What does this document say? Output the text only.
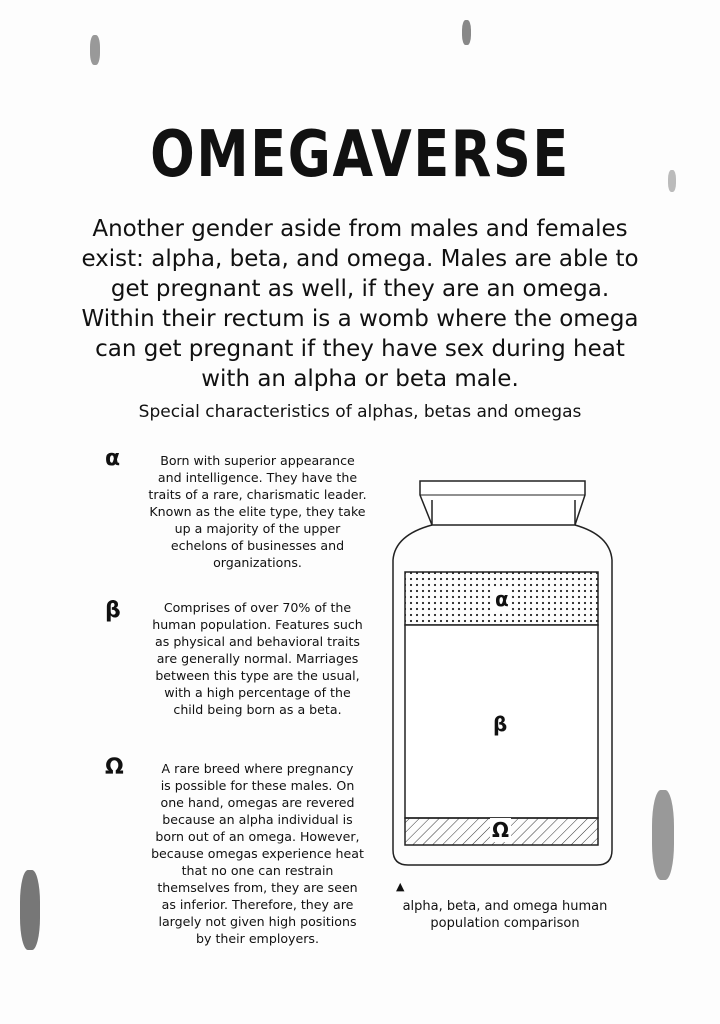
OMEGAVERSE
Another gender aside from males and females
exist: alpha, beta, and omega. Males are able to
get pregnant as well, if they are an omega.
Within their rectum is a womb where the omega
can get pregnant if they have sex during heat
with an alpha or beta male.
Special characteristics of alphas, betas and omegas
α	Born with superior appearance
and intelligence. They have the
traits of a rare, charismatic leader.
Known as the elite type, they take
up a majority of the upper
echelons of businesses and
organizations.
β	Comprises of over 70% of the
human population. Features such
as physical and behavioral traits
are generally normal. Marriages
between this type are the usual,
with a high percentage of the
child being born as a beta.
Ω	A rare breed where pregnancy
is possible for these males. On
one hand, omegas are revered
because an alpha individual is
born out of an omega. However,
because omegas experience heat
that no one can restrain
themselves from, they are seen
as inferior. Therefore, they are
largely not given high positions
by their employers.
α
β
Ω
▲
alpha, beta, and omega human
population comparison
